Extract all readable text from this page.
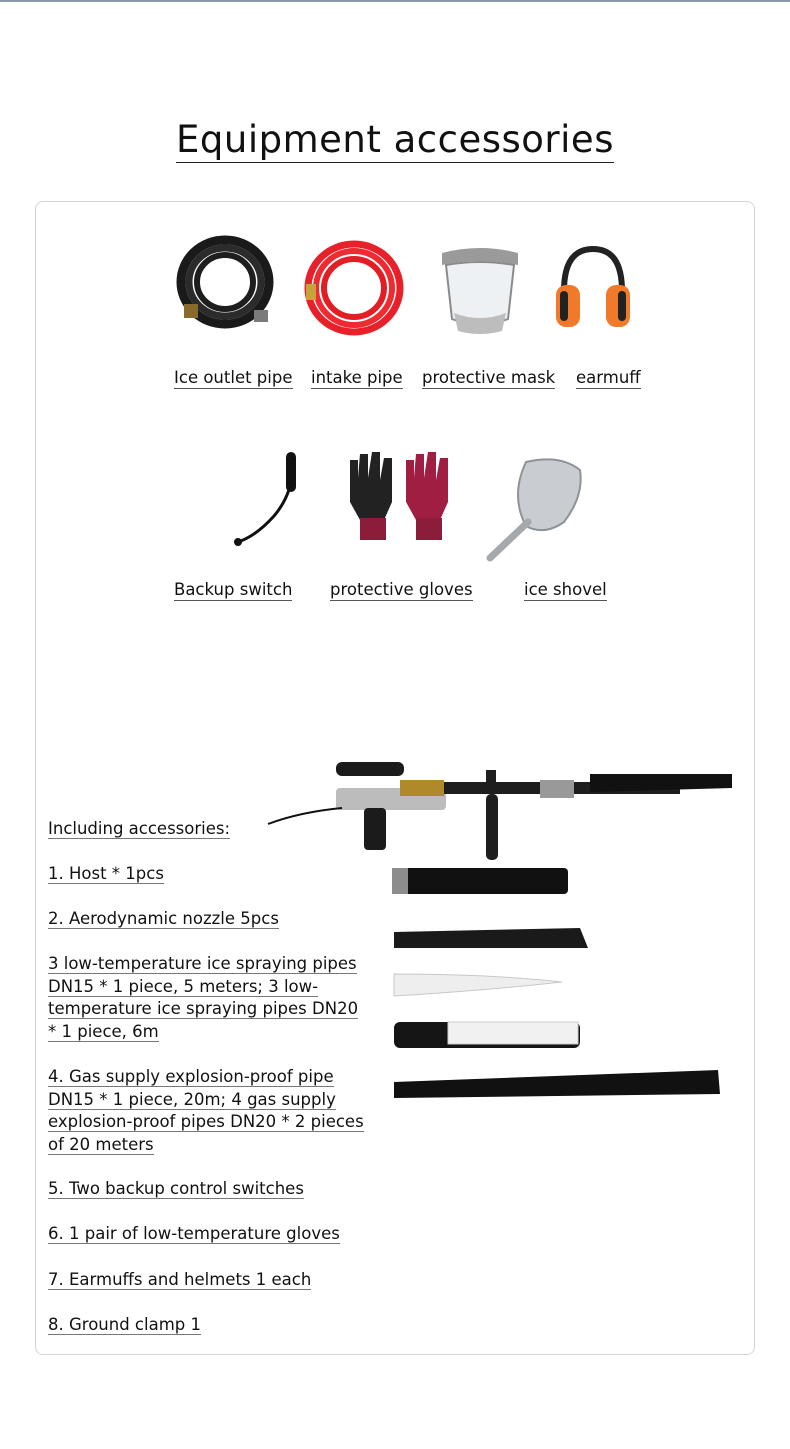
Equipment accessories
Ice outlet pipe intake pipe protective mask earmuff
Backup switch protective gloves	ice shovel
Including accessories:
1. Host * 1pcs
2. Aerodynamic nozzle 5pcs
3 low-temperature ice spraying pipes DN15 * 1 piece, 5 meters; 3 low-temperature ice spraying pipes DN20 * 1 piece, 6m
4. Gas supply explosion-proof pipe DN15 * 1 piece, 20m; 4 gas supply explosion-proof pipes DN20 * 2 pieces of 20 meters
5. Two backup control switches
6. 1 pair of low-temperature gloves
7. Earmuffs and helmets 1 each
8. Ground clamp 1
